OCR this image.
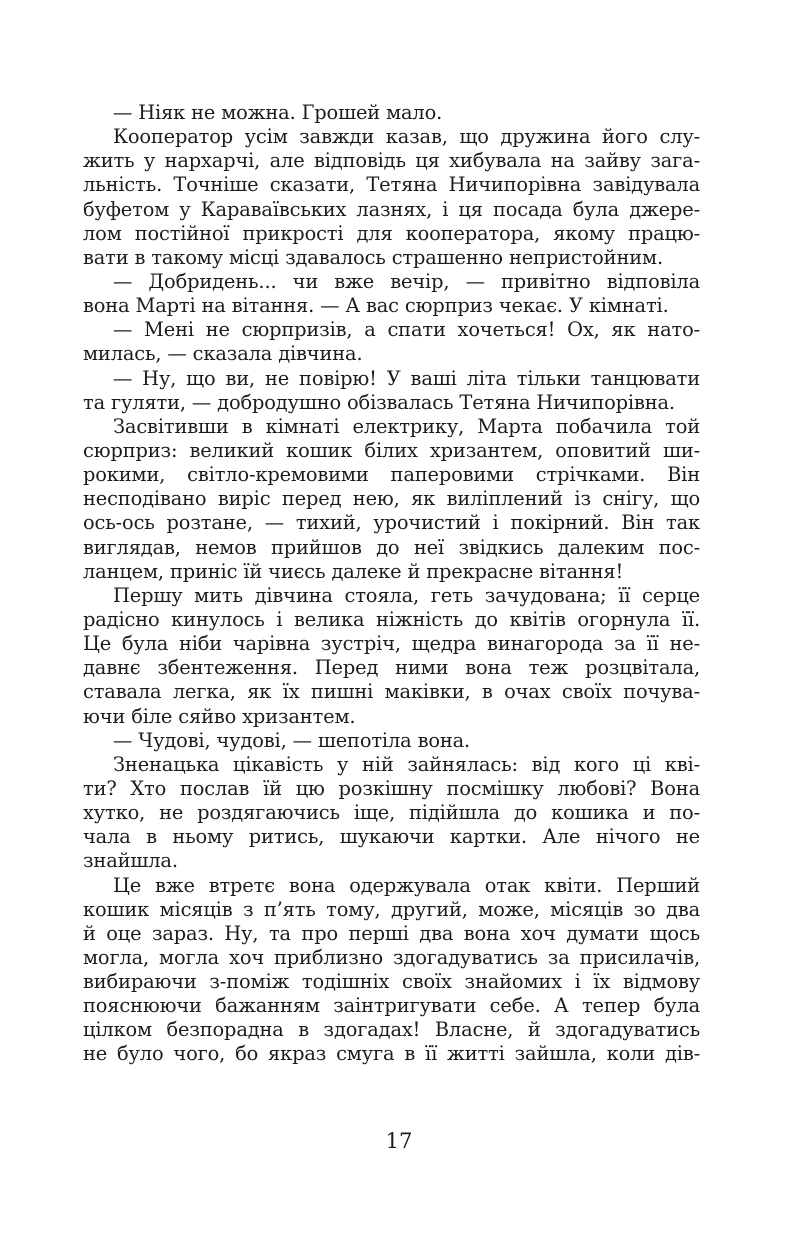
— Ніяк не можна. Грошей мало.
Кооператор усім завжди казав, що дружина його слу-
жить у нархарчі, але відповідь ця хибувала на зайву зага-
льність. Точніше сказати, Тетяна Ничипорівна завідувала
буфетом у Караваївських лазнях, і ця посада була джере-
лом постійної прикрості для кооператора, якому працю-
вати в такому місці здавалось страшенно непристойним.
— Добридень... чи вже вечір, — привітно відповіла
вона Марті на вітання. — А вас сюрприз чекає. У кімнаті.
— Мені не сюрпризів, а спати хочеться! Ох, як нато-
милась, — сказала дівчина.
— Ну, що ви, не повірю! У ваші літа тільки танцювати
та гуляти, — добродушно обізвалась Тетяна Ничипорівна.
Засвітивши в кімнаті електрику, Марта побачила той
сюрприз: великий кошик білих хризантем, оповитий ши-
рокими, світло-кремовими паперовими стрічками. Він
несподівано виріс перед нею, як виліплений із снігу, що
ось-ось розтане, — тихий, урочистий і покірний. Він так
виглядав, немов прийшов до неї звідкись далеким пос-
ланцем, приніс їй чиєсь далеке й прекрасне вітання!
Першу мить дівчина стояла, геть зачудована; її серце
радісно кинулось і велика ніжність до квітів огорнула її.
Це була ніби чарівна зустріч, щедра винагорода за її не-
давнє збентеження. Перед ними вона теж розцвітала,
ставала легка, як їх пишні маківки, в очах своїх почува-
ючи біле сяйво хризантем.
— Чудові, чудові, — шепотіла вона.
Зненацька цікавість у ній зайнялась: від кого ці кві-
ти? Хто послав їй цю розкішну посмішку любові? Вона
хутко, не роздягаючись іще, підійшла до кошика и по-
чала в ньому ритись, шукаючи картки. Але нічого не
знайшла.
Це вже втретє вона одержувала отак квіти. Перший
кошик місяців з п’ять тому, другий, може, місяців зо два
й оце зараз. Ну, та про перші два вона хоч думати щось
могла, могла хоч приблизно здогадуватись за присилачів,
вибираючи з-поміж тодішніх своїх знайомих і їх відмову
пояснюючи бажанням заінтригувати себе. А тепер була
цілком безпорадна в здогадах! Власне, й здогадуватись
не було чого, бо якраз смуга в її житті зайшла, коли дів-
17
